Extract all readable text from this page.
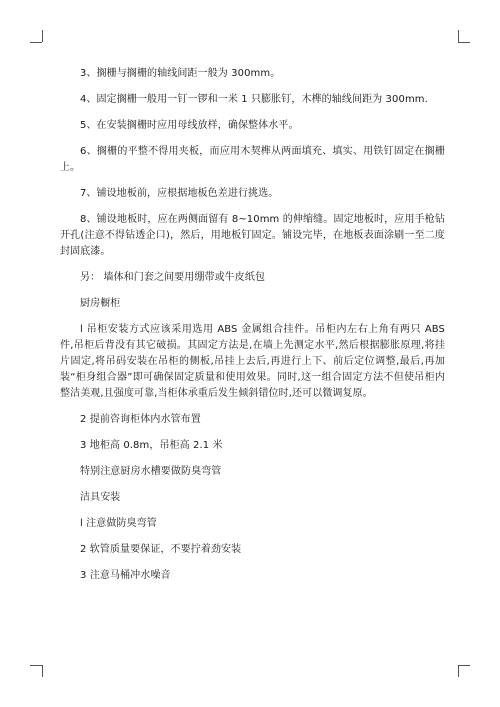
3、搁栅与搁栅的轴线间距一般为 300mm。

4、固定搁栅一般用一钉一锣和一米 1 只膨胀钉，木榫的轴线间距为 300mm.

5、在安装搁栅时应用母线放样，确保整体水平。

6、搁栅的平整不得用夹板，而应用木契榫从两面填充、填实、用铁钉固定在搁栅上。

7、铺设地板前，应根据地板色差进行挑选。

8、铺设地板时，应在两侧面留有 8~10mm 的伸缩缝。固定地板时，应用手枪钻开孔(注意不得钻透企口)，然后，用地板钉固定。铺设完毕，在地板表面涂刷一至二度封固底漆。

另： 墙体和门套之间要用绷带或牛皮纸包

厨房橱柜

l 吊柜安装方式应该采用选用 ABS 金属组合挂件。吊柜内左右上角有两只 ABS 件,吊柜后背没有其它破损。其固定方法是,在墙上先测定水平,然后根据膨胀原理,将挂片固定,将吊码安装在吊柜的侧板,吊挂上去后,再进行上下、前后定位调整,最后,再加装“柜身组合器”即可确保固定质量和使用效果。同时,这一组合固定方法不但使吊柜内整洁美观,且强度可靠,当柜体承重后发生倾斜错位时,还可以微调复原。

2 提前咨询柜体内水管布置

3 地柜高 0.8m，吊柜高 2.1 米

特别注意厨房水槽要做防臭弯管

洁具安装

l 注意做防臭弯管

2 软管质量要保证，不要拧着劲安装

3 注意马桶冲水噪音
